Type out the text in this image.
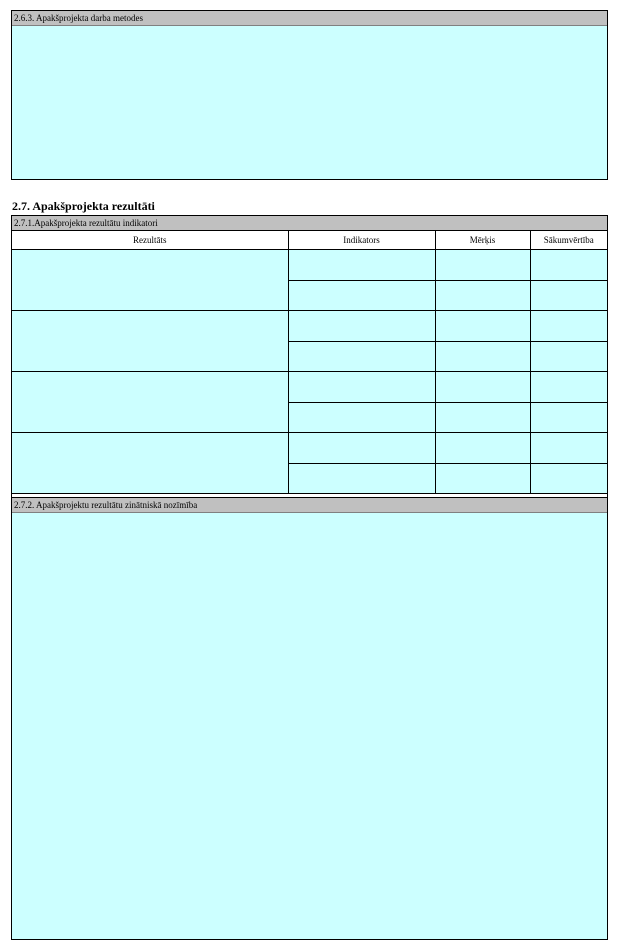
2.6.3. Apakšprojekta darba metodes
2.7. Apakšprojekta rezultāti
2.7.1.Apakšprojekta rezultātu indikatori
Rezultāts	Indikators	Mērķis	Sākumvērtība

2.7.2. Apakšprojektu rezultātu zinātniskā nozīmība
